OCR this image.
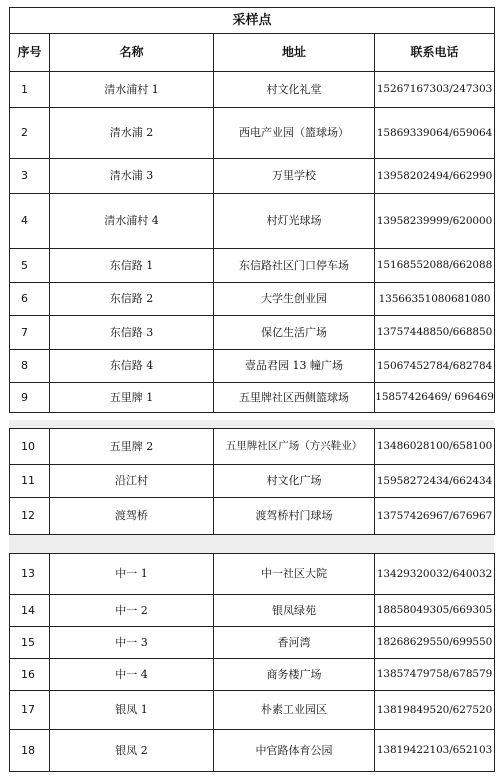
采样点			
序号	名称	地址	联系电话
1	清水浦村 1	村文化礼堂	15267167303/247303
2	清水浦 2	西电产业园（篮球场）	15869339064/659064
3	清水浦 3	万里学校	13958202494/662990
4	清水浦村 4	村灯光球场	13958239999/620000
5	东信路 1	东信路社区门口停车场	15168552088/662088
6	东信路 2	大学生创业园	13566351080681080
7	东信路 3	保亿生活广场	13757448850/668850
8	东信路 4	壹品君园 13 幢广场	15067452784/682784
9	五里牌 1	五里牌社区西侧篮球场	15857426469/ 696469
10	五里牌 2	五里牌社区广场（方兴鞋业）	13486028100/658100
11	沿江村	村文化广场	15958272434/662434
12	渡驾桥	渡驾桥村门球场	13757426967/676967
13	中一 1	中一社区大院	13429320032/640032
14	中一 2	银凤绿苑	18858049305/669305
15	中一 3	香河湾	18268629550/699550
16	中一 4	商务楼广场	13857479758/678579
17	银凤 1	朴素工业园区	13819849520/627520
18	银凤 2	中官路体育公园	13819422103/652103
